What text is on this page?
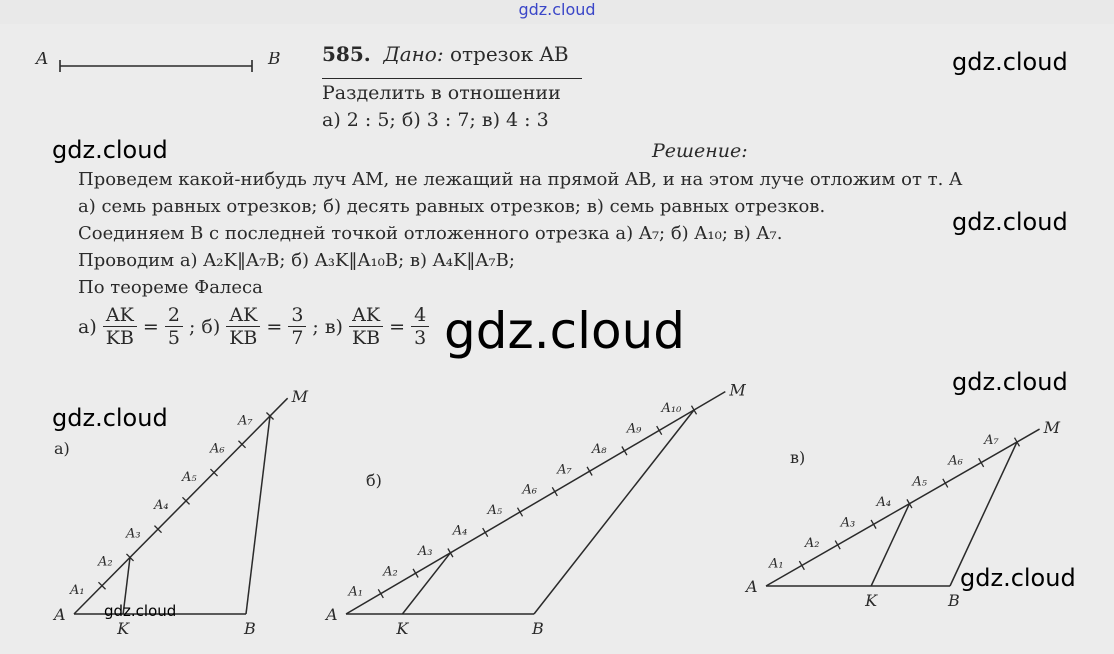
gdz.cloud
A	B 585. Дано: отрезок AB
Разделить в отношении
а) 2 : 5; б) 3 : 7; в) 4 : 3
Решение:
Проведем какой-нибудь луч AM, не лежащий на прямой AB, и на этом луче отложим от т. A
а) семь равных отрезков; б) десять равных отрезков; в) семь равных отрезков.
Соединяем B с последней точкой отложенного отрезка а) A₇; б) A₁₀; в) A₇.
Проводим а) A₂K‖A₇B; б) A₃K‖A₁₀B; в) A₄K‖A₇B;
По теореме Фалеса
$а) \frac{AK}{KB} = \frac{2}{5}$ ; $б) \frac{AK}{KB} = \frac{3}{7}$ ; $в) \frac{AK}{KB} = \frac{4}{3}$
A₁
A₂
A₃
A₄
A₅
A₆
A₇
A
B
K
M
A₁
A₂
A₃
A₄
A₅
A₆
A₇
A₈
A₉
A₁₀
A
B
K
M
A₁
A₂
A₃
A₄
A₅
A₆
A₇
A
B
K
M
а)
б)
в)
gdz.cloud
gdz.cloud
gdz.cloud
gdz.cloud
gdz.cloud
gdz.cloud
gdz.cloud
gdz.cloud
